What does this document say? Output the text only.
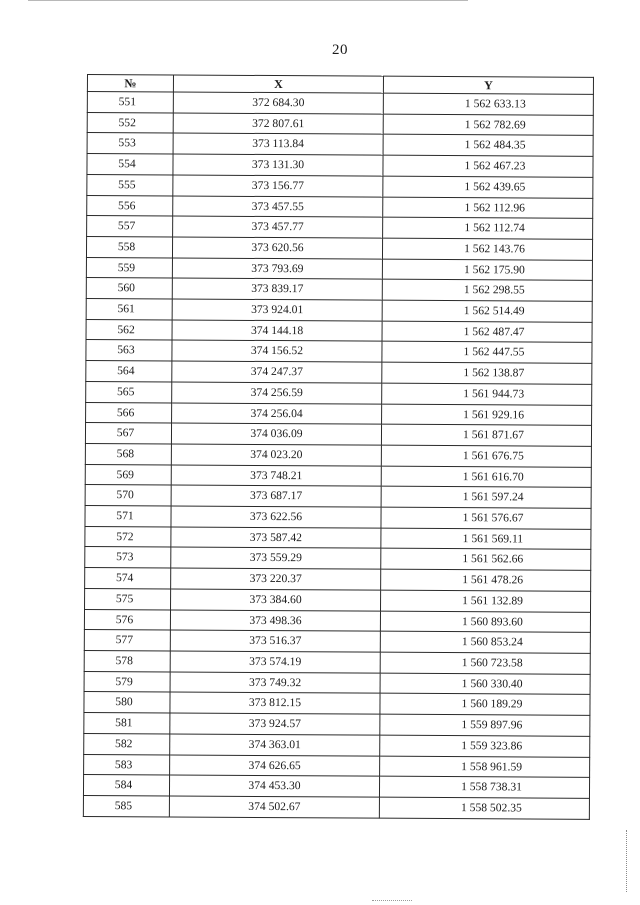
20
№	X	Y
551	372 684.30	1 562 633.13
552	372 807.61	1 562 782.69
553	373 113.84	1 562 484.35
554	373 131.30	1 562 467.23
555	373 156.77	1 562 439.65
556	373 457.55	1 562 112.96
557	373 457.77	1 562 112.74
558	373 620.56	1 562 143.76
559	373 793.69	1 562 175.90
560	373 839.17	1 562 298.55
561	373 924.01	1 562 514.49
562	374 144.18	1 562 487.47
563	374 156.52	1 562 447.55
564	374 247.37	1 562 138.87
565	374 256.59	1 561 944.73
566	374 256.04	1 561 929.16
567	374 036.09	1 561 871.67
568	374 023.20	1 561 676.75
569	373 748.21	1 561 616.70
570	373 687.17	1 561 597.24
571	373 622.56	1 561 576.67
572	373 587.42	1 561 569.11
573	373 559.29	1 561 562.66
574	373 220.37	1 561 478.26
575	373 384.60	1 561 132.89
576	373 498.36	1 560 893.60
577	373 516.37	1 560 853.24
578	373 574.19	1 560 723.58
579	373 749.32	1 560 330.40
580	373 812.15	1 560 189.29
581	373 924.57	1 559 897.96
582	374 363.01	1 559 323.86
583	374 626.65	1 558 961.59
584	374 453.30	1 558 738.31
585	374 502.67	1 558 502.35
